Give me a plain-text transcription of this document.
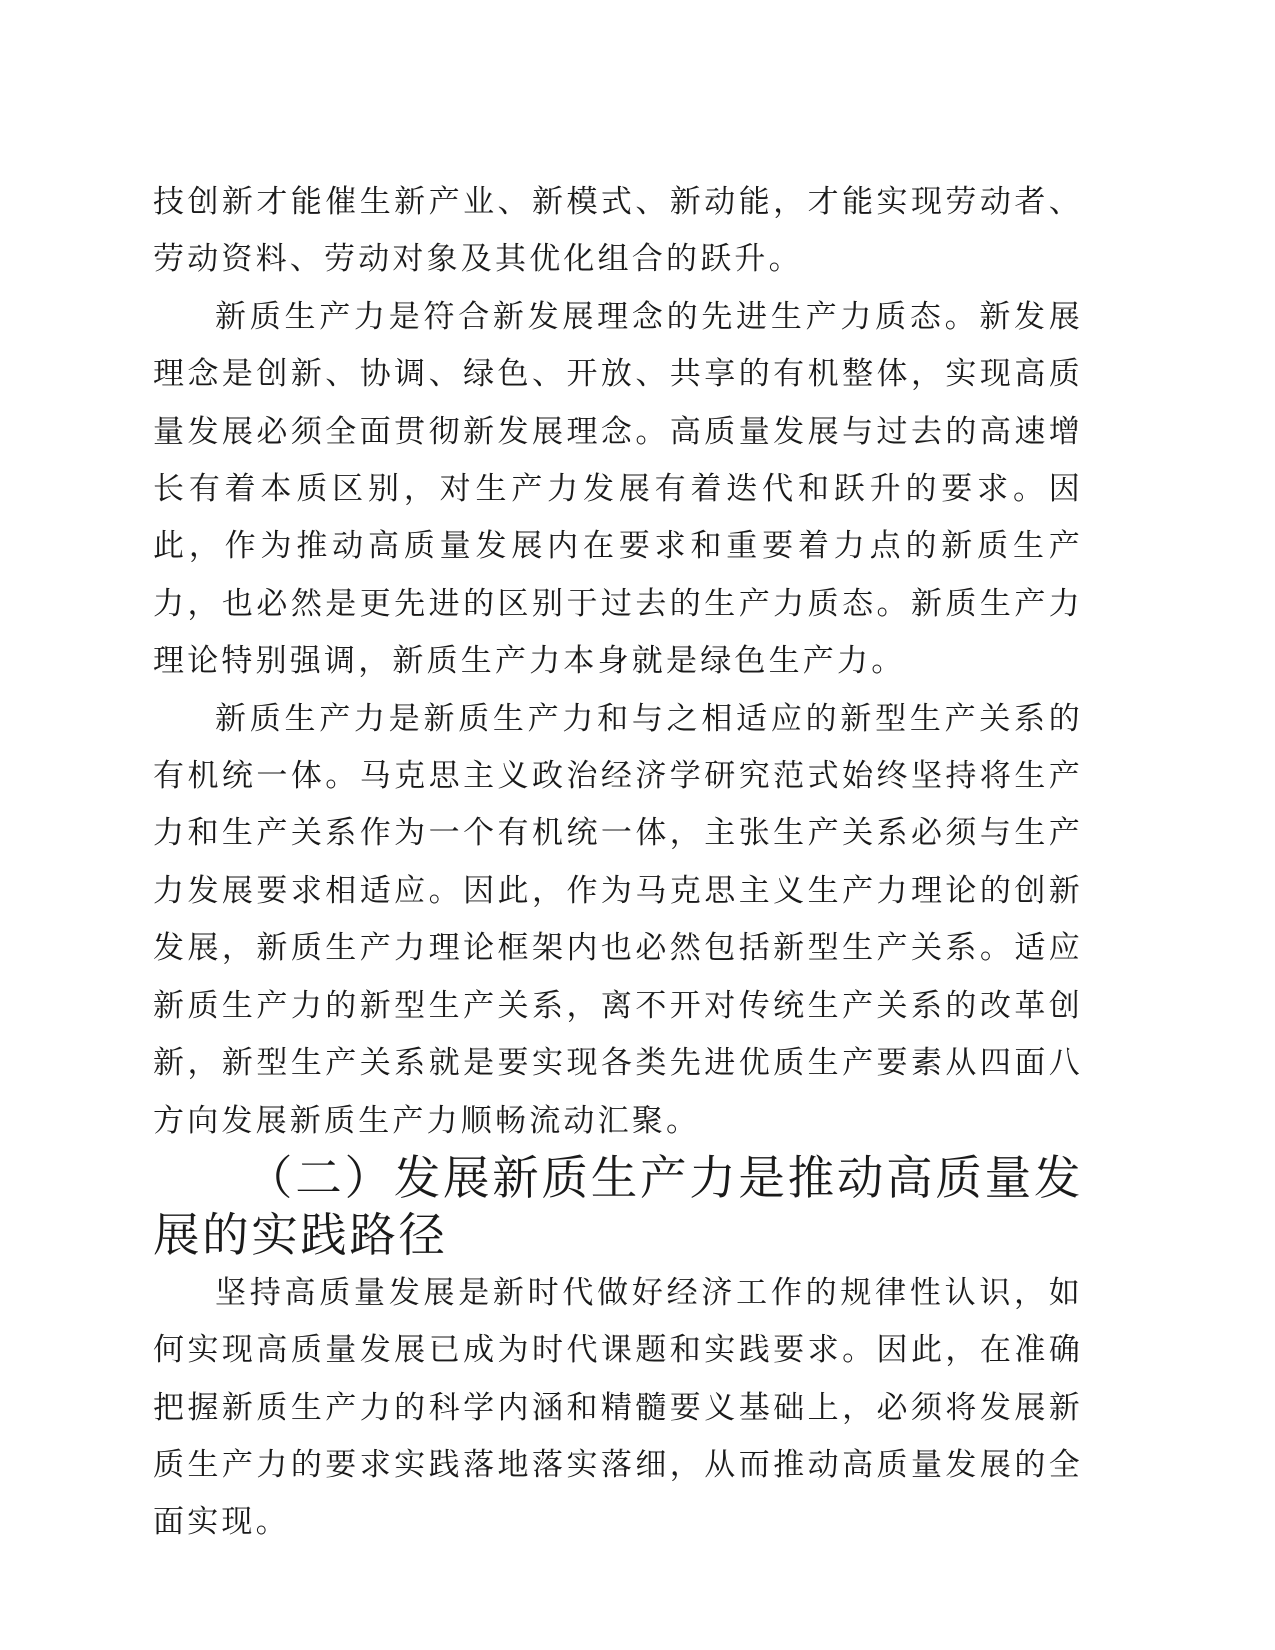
技创新才能催生新产业、新模式、新动能，才能实现劳动者、劳动资料、劳动对象及其优化组合的跃升。

新质生产力是符合新发展理念的先进生产力质态。新发展理念是创新、协调、绿色、开放、共享的有机整体，实现高质量发展必须全面贯彻新发展理念。高质量发展与过去的高速增长有着本质区别，对生产力发展有着迭代和跃升的要求。因此，作为推动高质量发展内在要求和重要着力点的新质生产力，也必然是更先进的区别于过去的生产力质态。新质生产力理论特别强调，新质生产力本身就是绿色生产力。

新质生产力是新质生产力和与之相适应的新型生产关系的有机统一体。马克思主义政治经济学研究范式始终坚持将生产力和生产关系作为一个有机统一体，主张生产关系必须与生产力发展要求相适应。因此，作为马克思主义生产力理论的创新发展，新质生产力理论框架内也必然包括新型生产关系。适应新质生产力的新型生产关系，离不开对传统生产关系的改革创新，新型生产关系就是要实现各类先进优质生产要素从四面八方向发展新质生产力顺畅流动汇聚。

（二）发展新质生产力是推动高质量发展的实践路径

坚持高质量发展是新时代做好经济工作的规律性认识，如何实现高质量发展已成为时代课题和实践要求。因此，在准确把握新质生产力的科学内涵和精髓要义基础上，必须将发展新质生产力的要求实践落地落实落细，从而推动高质量发展的全面实现。
